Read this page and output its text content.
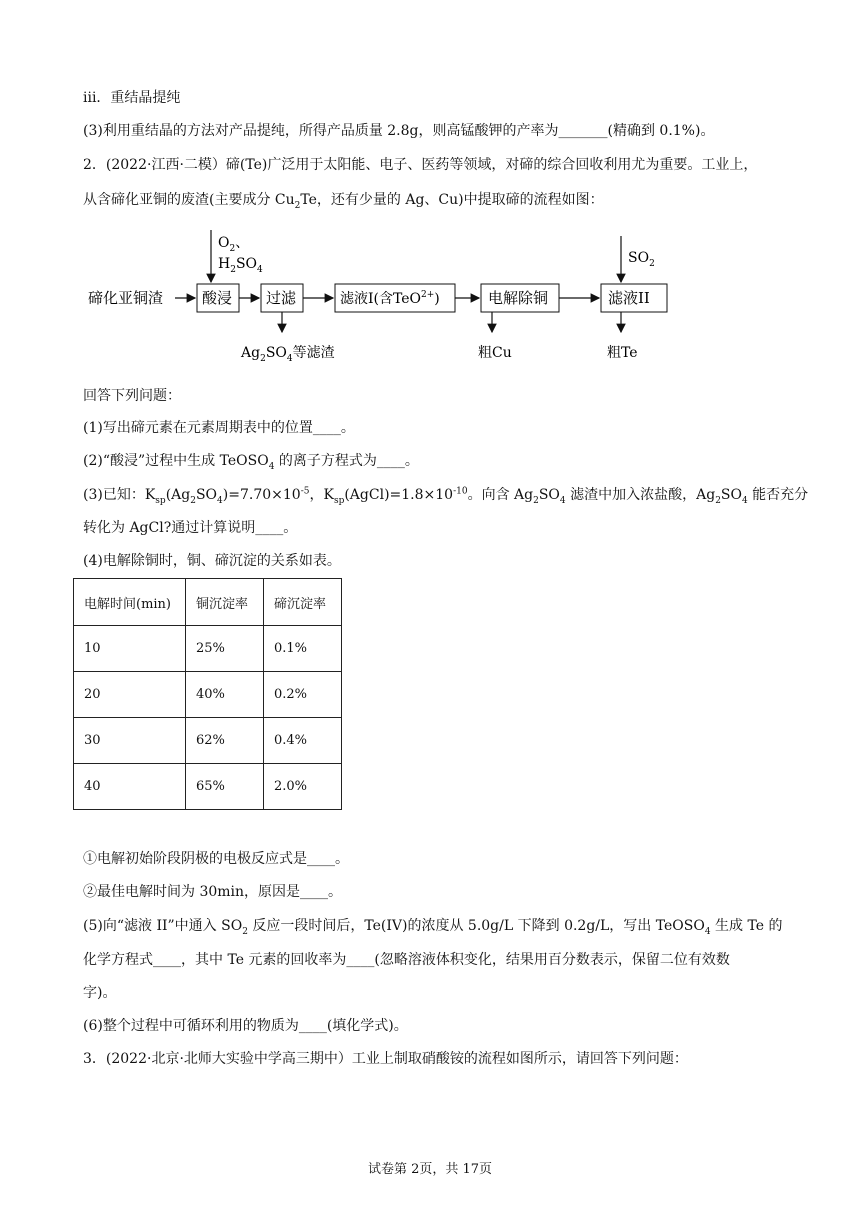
iii．重结晶提纯
(3)利用重结晶的方法对产品提纯，所得产品质量 2.8g，则高锰酸钾的产率为_______(精确到 0.1%)。
2．(2022·江西·二模）碲(Te)广泛用于太阳能、电子、医药等领域，对碲的综合回收利用尤为重要。工业上，
从含碲化亚铜的废渣(主要成分 $Cu_2Te$，还有少量的 Ag、Cu)中提取碲的流程如图：
碲化亚铜渣	酸浸 过滤	滤液I(含TeO$^{2+}$)	电解除铜	滤液II
$O_2$、
$H_2SO_4$
$SO_2$
$Ag_2SO_4$等滤渣	粗Cu	粗Te
回答下列问题：
(1)写出碲元素在元素周期表中的位置____。
(2)“酸浸”过程中生成 TeOSO$_4$ 的离子方程式为____。
(3)已知：$K_{sp}(Ag_2SO_4)=7.70\times 10^{-5}$，$K_{sp}(AgCl)=1.8\times 10^{-10}$。向含 $Ag_2SO_4$ 滤渣中加入浓盐酸，$Ag_2SO_4$ 能否充分
转化为 AgCl?通过计算说明____。
(4)电解除铜时，铜、碲沉淀的关系如表。
电解时间(min)	铜沉淀率	碲沉淀率
10	25%	0.1%
20	40%	0.2%
30	62%	0.4%
40	65%	2.0%
①电解初始阶段阴极的电极反应式是____。
②最佳电解时间为 30min，原因是____。
(5)向“滤液 II”中通入 $SO_2$ 反应一段时间后，Te(IV)的浓度从 5.0g/L 下降到 0.2g/L，写出 TeOSO$_4$ 生成 Te 的
化学方程式____，其中 Te 元素的回收率为____(忽略溶液体积变化，结果用百分数表示，保留二位有效数
字)。
(6)整个过程中可循环利用的物质为____(填化学式)。
3．(2022·北京·北师大实验中学高三期中）工业上制取硝酸铵的流程如图所示，请回答下列问题：
试卷第 2页，共 17页
